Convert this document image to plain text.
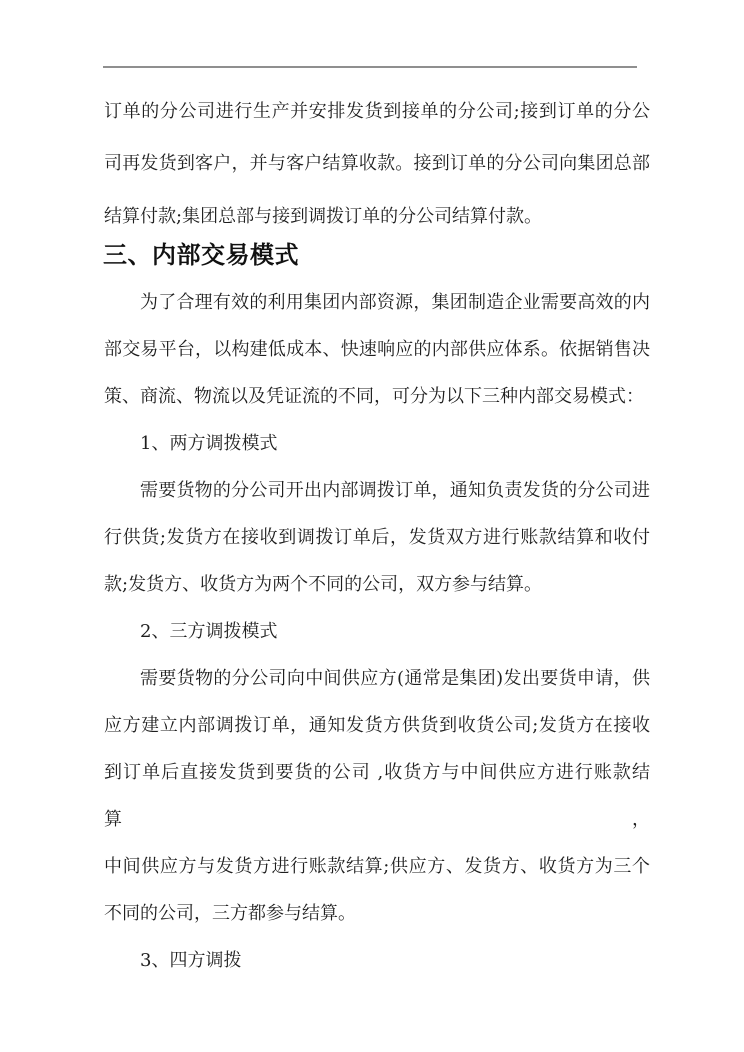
订单的分公司进行生产并安排发货到接单的分公司;接到订单的分公
司再发货到客户，并与客户结算收款。接到订单的分公司向集团总部
结算付款;集团总部与接到调拨订单的分公司结算付款。
三、内部交易模式
为了合理有效的利用集团内部资源，集团制造企业需要高效的内
部交易平台，以构建低成本、快速响应的内部供应体系。依据销售决
策、商流、物流以及凭证流的不同，可分为以下三种内部交易模式：
1、两方调拨模式
需要货物的分公司开出内部调拨订单，通知负责发货的分公司进
行供货;发货方在接收到调拨订单后，发货双方进行账款结算和收付
款;发货方、收货方为两个不同的公司，双方参与结算。
2、三方调拨模式
需要货物的分公司向中间供应方(通常是集团)发出要货申请，供
应方建立内部调拨订单，通知发货方供货到收货公司;发货方在接收
到订单后直接发货到要货的公司 ,收货方与中间供应方进行账款结算，
中间供应方与发货方进行账款结算;供应方、发货方、收货方为三个
不同的公司，三方都参与结算。
3、四方调拨
